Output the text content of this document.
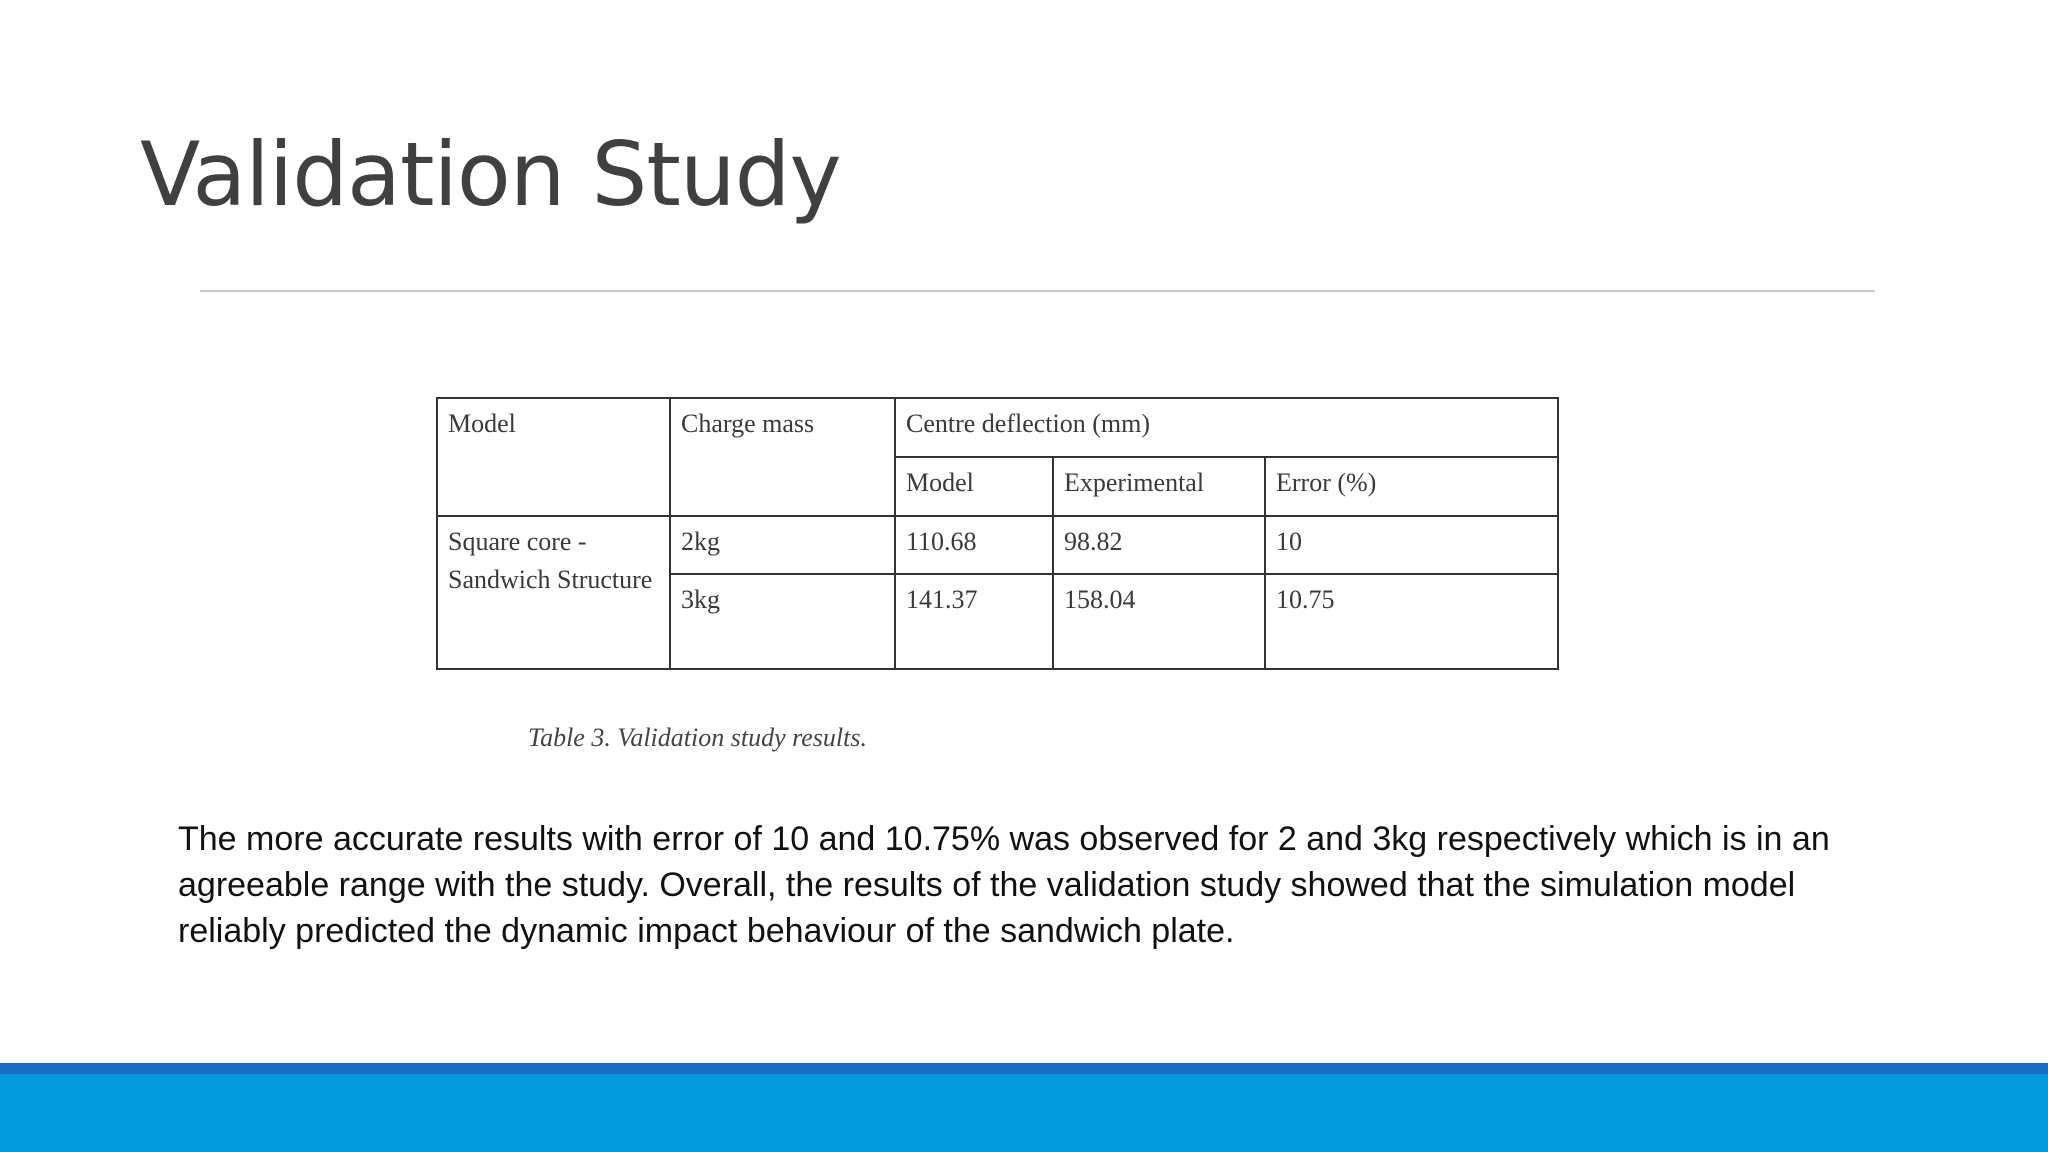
Validation Study
Model	Charge mass	Centre deflection (mm)		
		Model	Experimental	Error (%)
Square core - Sandwich Structure	2kg	110.68	98.82	10
	3kg	141.37	158.04	10.75
Table 3. Validation study results.

The more accurate results with error of 10 and 10.75% was observed for 2 and 3kg respectively which is in an agreeable range with the study. Overall, the results of the validation study showed that the simulation model reliably predicted the dynamic impact behaviour of the sandwich plate.
